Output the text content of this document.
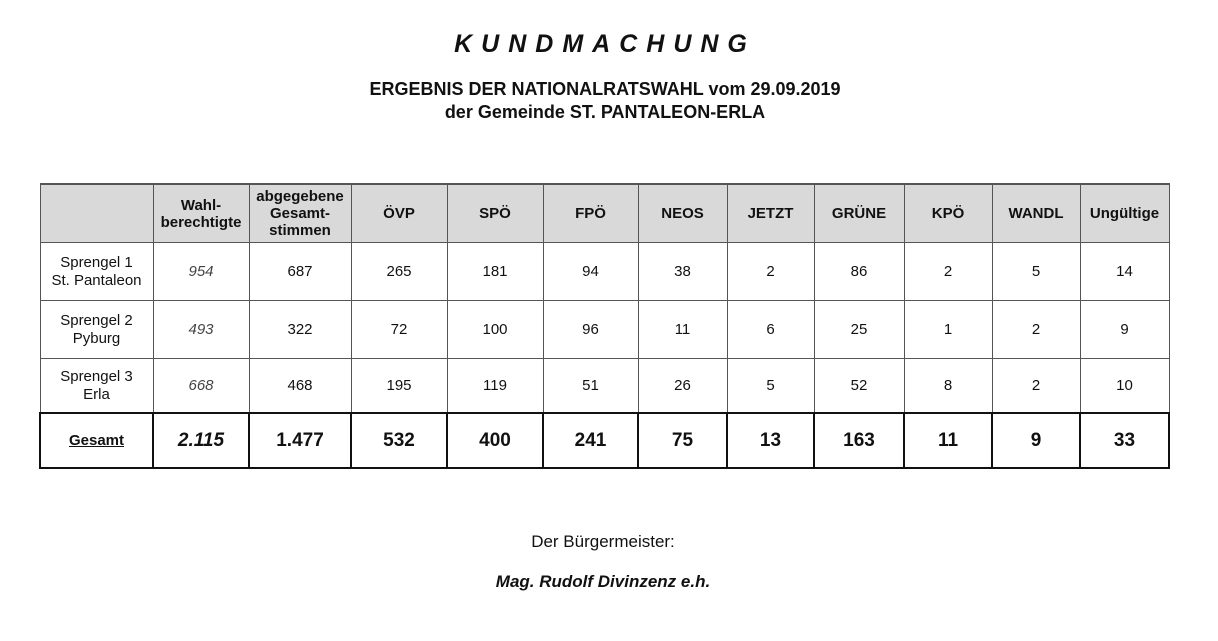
KUNDMACHUNG
ERGEBNIS DER NATIONALRATSWAHL vom 29.09.2019
der Gemeinde ST. PANTALEON-ERLA
	Wahl-
berechtigte	abgegebene
Gesamt-
stimmen	ÖVP	SPÖ	FPÖ	NEOS	JETZT	GRÜNE	KPÖ	WANDL	Ungültige
Sprengel 1
St. Pantaleon	954	687	265	181	94	38	2	86	2	5	14
Sprengel 2
Pyburg	493	322	72	100	96	11	6	25	1	2	9
Sprengel 3
Erla	668	468	195	119	51	26	5	52	8	2	10
Gesamt	2.115	1.477	532	400	241	75	13	163	11	9	33
Der Bürgermeister:
Mag. Rudolf Divinzenz e.h.
